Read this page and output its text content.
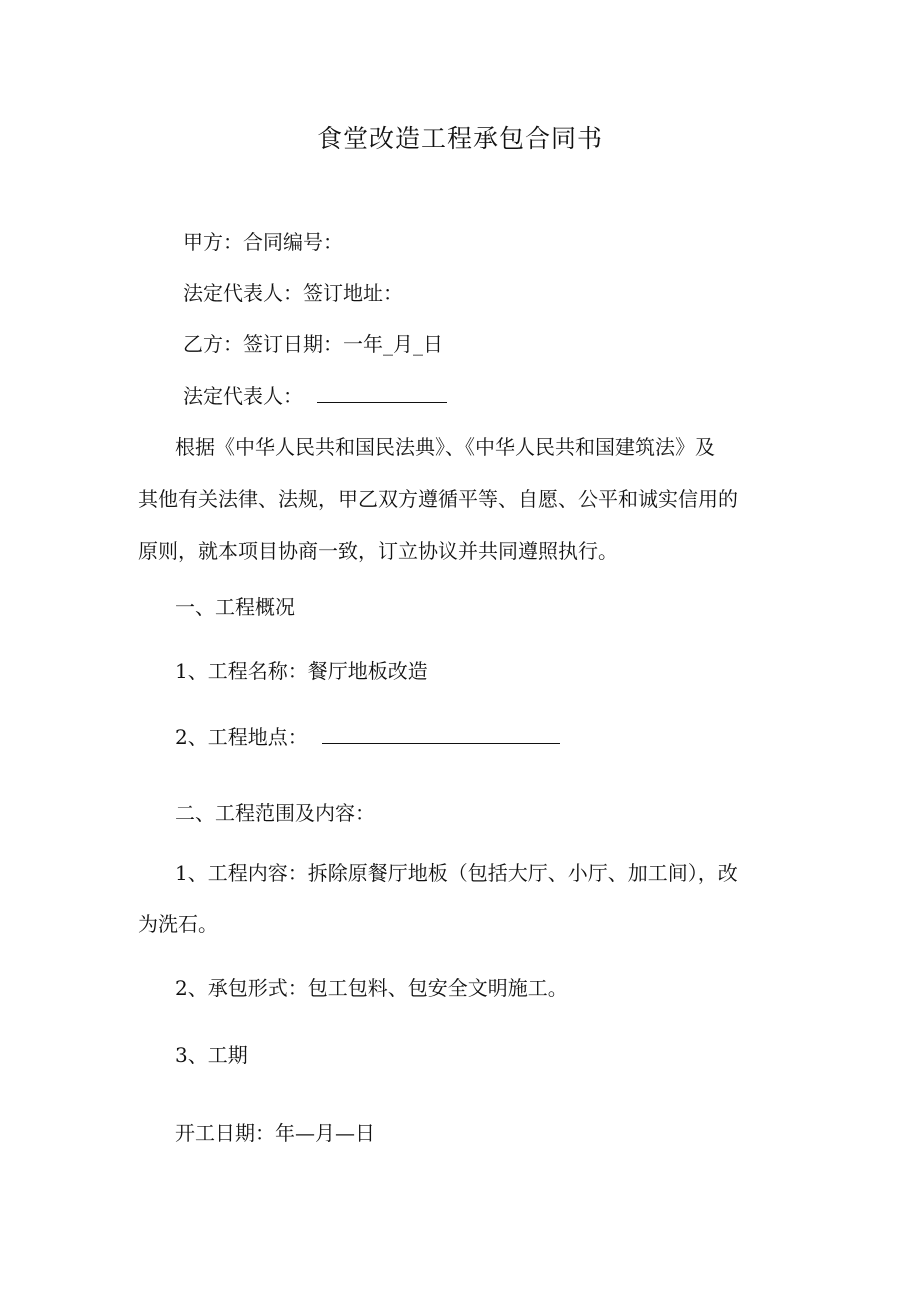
食堂改造工程承包合同书
甲方：合同编号：
法定代表人：签订地址：
乙方：签订日期：一年_月_日
法定代表人：
根据《中华人民共和国民法典》、《中华人民共和国建筑法》及
其他有关法律、法规，甲乙双方遵循平等、自愿、公平和诚实信用的
原则，就本项目协商一致，订立协议并共同遵照执行。
一、工程概况
1、工程名称：餐厅地板改造
2、工程地点：
二、工程范围及内容：
1、工程内容：拆除原餐厅地板（包括大厅、小厅、加工间），改
为洗石。
2、承包形式：包工包料、包安全文明施工。
3、工期
开工日期：年—月—日
